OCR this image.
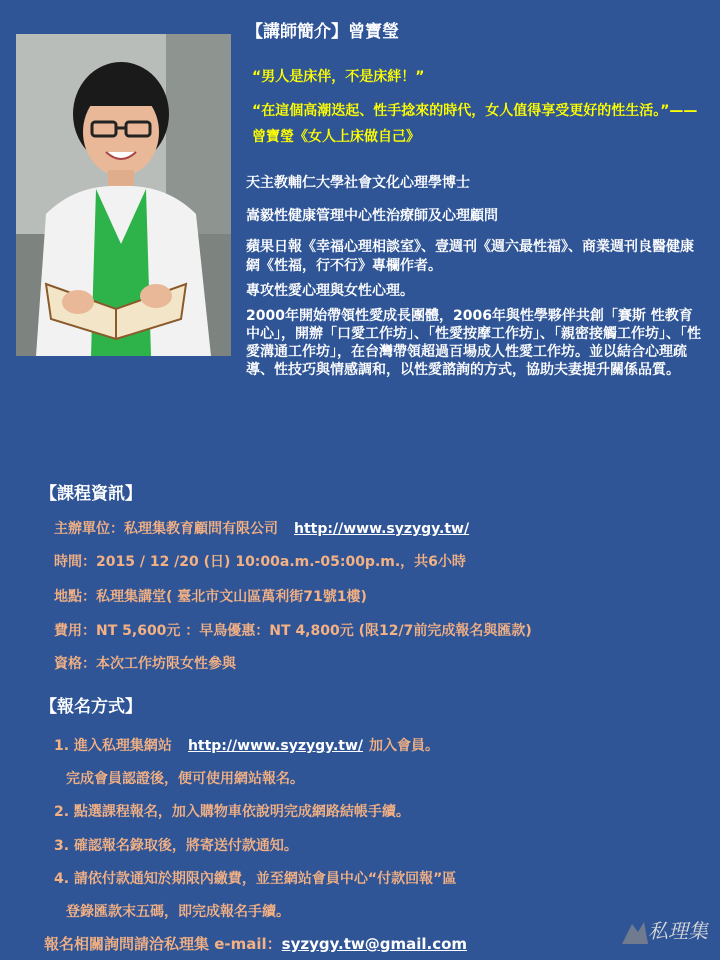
【講師簡介】曾寶瑩
“男人是床伴，不是床絆！”
“在這個高潮迭起、性手捻來的時代，女人值得享受更好的性生活。”——曾寶瑩《女人上床做自己》
天主教輔仁大學社會文化心理學博士
嵩毅性健康管理中心性治療師及心理顧問
蘋果日報《幸福心理相談室》、壹週刊《週六最性福》、商業週刊良醫健康網《性福，行不行》專欄作者。
專攻性愛心理與女性心理。
2000年開始帶領性愛成長團體，2006年與性學夥伴共創「賽斯 性教育中心」，開辦「口愛工作坊」、「性愛按摩工作坊」、「親密接觸工作坊」、「性愛溝通工作坊」，在台灣帶領超過百場成人性愛工作坊。並以結合心理疏導、性技巧與情感調和，以性愛諮詢的方式，協助夫妻提升關係品質。
【課程資訊】
主辦單位：私理集教育顧問有限公司 http://www.syzygy.tw/
時間：2015 / 12 /20 (日) 10:00a.m.-05:00p.m.，共6小時
地點：私理集講堂( 臺北市文山區萬利街71號1樓)
費用：NT 5,600元 ：早鳥優惠：NT 4,800元 (限12/7前完成報名與匯款)
資格：本次工作坊限女性參與
【報名方式】
1. 進入私理集網站 http://www.syzygy.tw/ 加入會員。
完成會員認證後，便可使用網站報名。
2. 點選課程報名，加入購物車依說明完成網路結帳手續。
3. 確認報名錄取後，將寄送付款通知。
4. 請依付款通知於期限內繳費，並至網站會員中心“付款回報”區
登錄匯款末五碼，即完成報名手續。
報名相關詢問請洽私理集 e-mail：syzygy.tw@gmail.com
私理集
